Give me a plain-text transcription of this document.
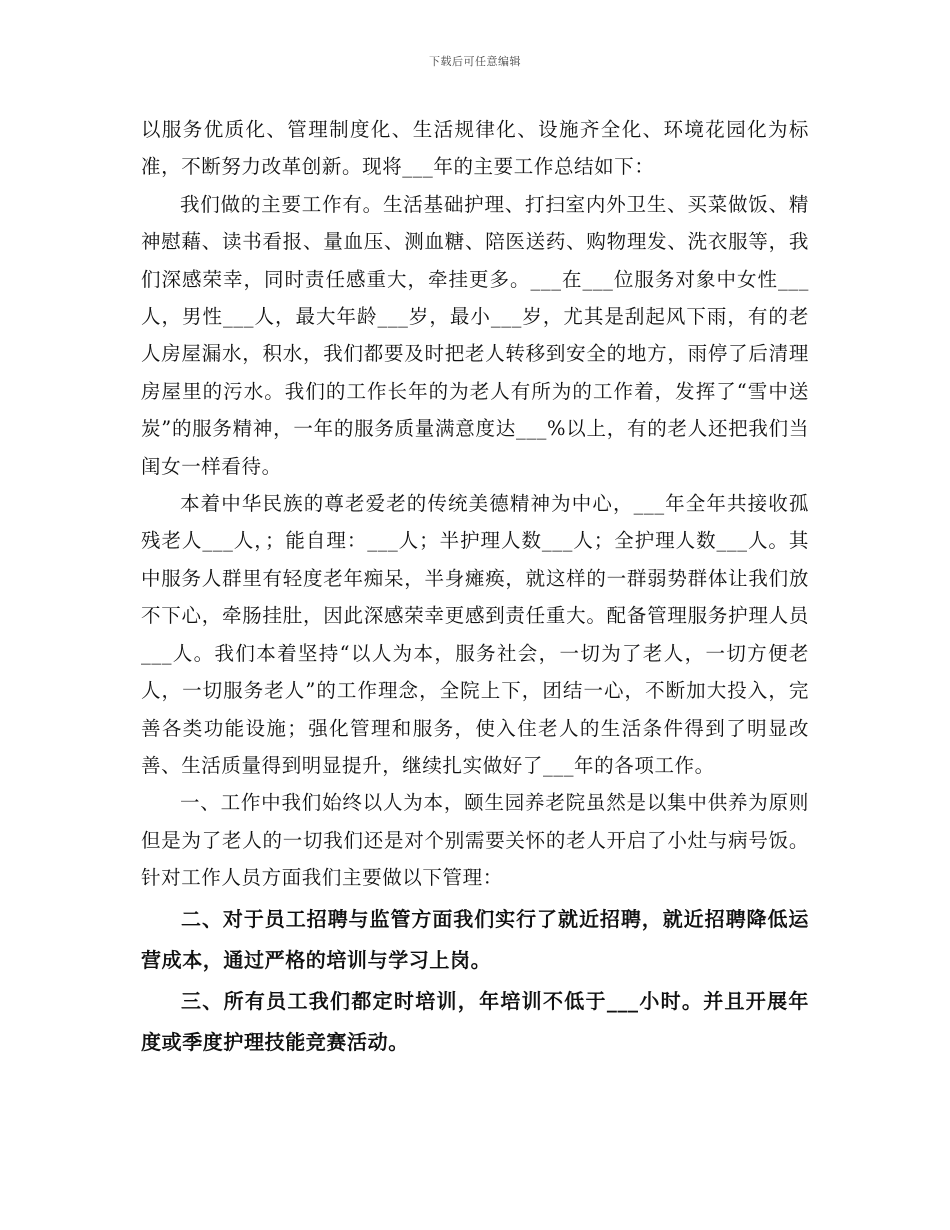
下载后可任意编辑

以服务优质化、管理制度化、生活规律化、设施齐全化、环境花园化为标准，不断努力改革创新。现将___年的主要工作总结如下：

我们做的主要工作有。生活基础护理、打扫室内外卫生、买菜做饭、精神慰藉、读书看报、量血压、测血糖、陪医送药、购物理发、洗衣服等，我们深感荣幸，同时责任感重大，牵挂更多。___在___位服务对象中女性___人，男性___人，最大年龄___岁，最小___岁，尤其是刮起风下雨，有的老人房屋漏水，积水，我们都要及时把老人转移到安全的地方，雨停了后清理房屋里的污水。我们的工作长年的为老人有所为的工作着，发挥了“雪中送炭”的服务精神，一年的服务质量满意度达___%以上，有的老人还把我们当闺女一样看待。

本着中华民族的尊老爱老的传统美德精神为中心，___年全年共接收孤残老人___人，；能自理：___人；半护理人数___人；全护理人数___人。其中服务人群里有轻度老年痴呆，半身瘫痪，就这样的一群弱势群体让我们放不下心，牵肠挂肚，因此深感荣幸更感到责任重大。配备管理服务护理人员___人。我们本着坚持“以人为本，服务社会，一切为了老人，一切方便老人，一切服务老人”的工作理念，全院上下，团结一心，不断加大投入，完善各类功能设施；强化管理和服务，使入住老人的生活条件得到了明显改善、生活质量得到明显提升，继续扎实做好了___年的各项工作。

一、工作中我们始终以人为本，颐生园养老院虽然是以集中供养为原则但是为了老人的一切我们还是对个别需要关怀的老人开启了小灶与病号饭。针对工作人员方面我们主要做以下管理：

二、对于员工招聘与监管方面我们实行了就近招聘，就近招聘降低运营成本，通过严格的培训与学习上岗。

三、所有员工我们都定时培训，年培训不低于___小时。并且开展年度或季度护理技能竞赛活动。
